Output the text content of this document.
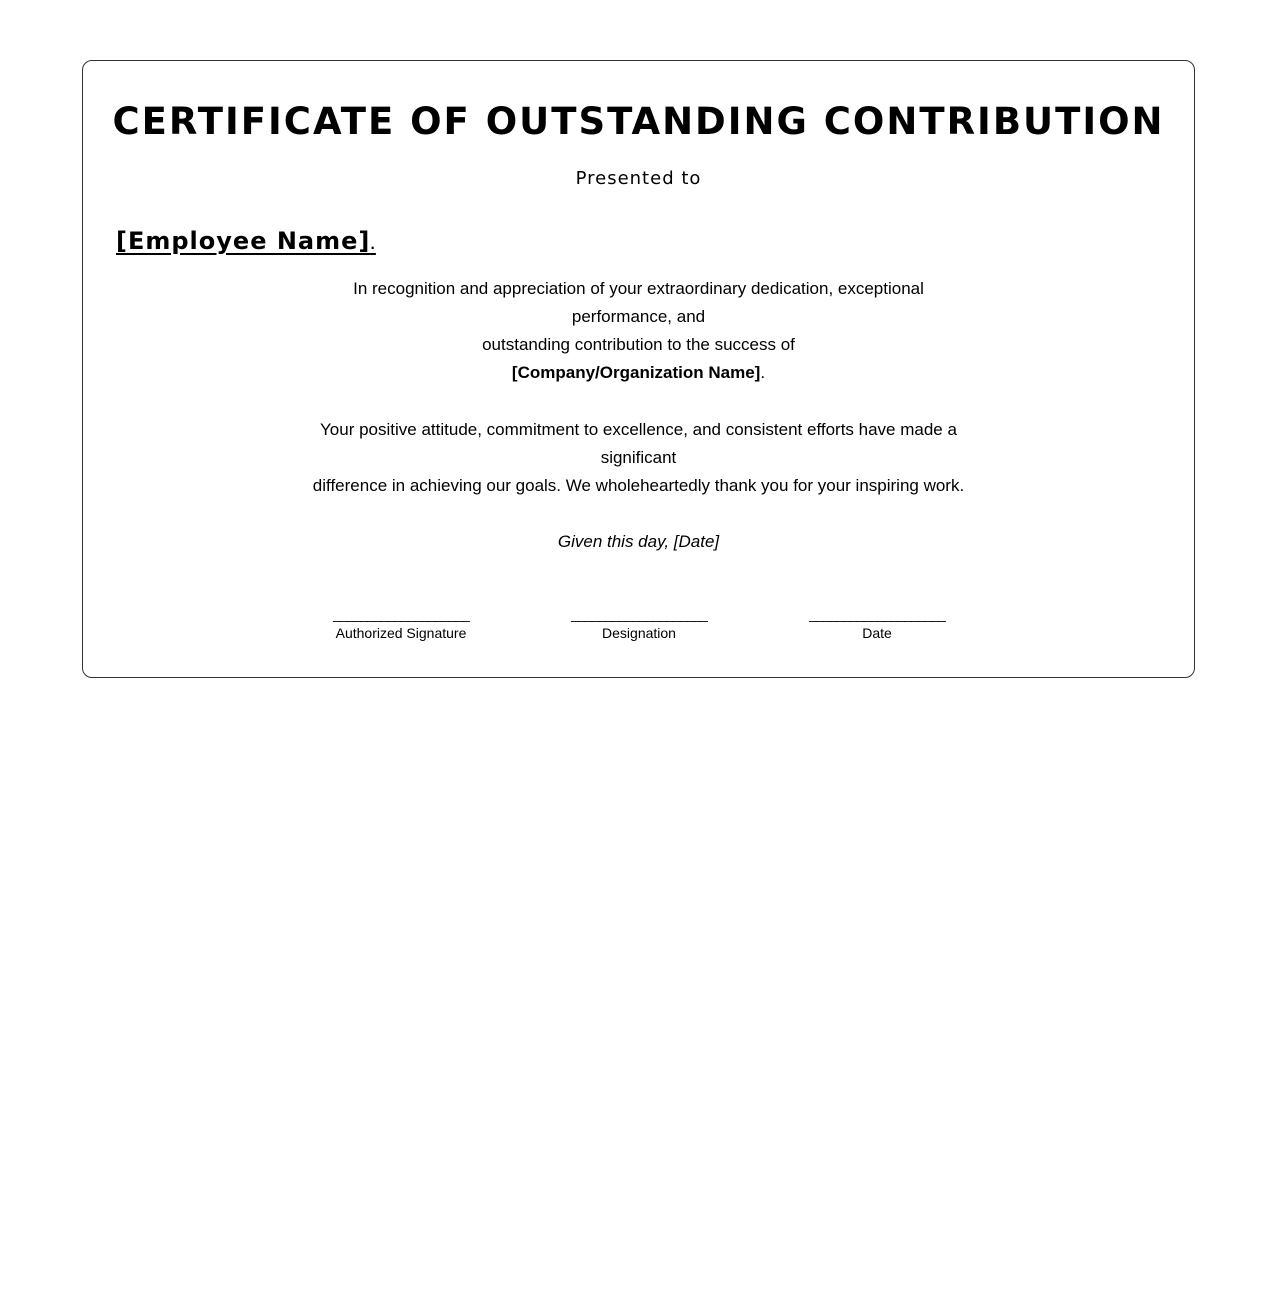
CERTIFICATE OF OUTSTANDING CONTRIBUTION
Presented to
[Employee Name].
In recognition and appreciation of your extraordinary dedication, exceptional
performance, and
outstanding contribution to the success of
[Company/Organization Name].
Your positive attitude, commitment to excellence, and consistent efforts have made a
significant
difference in achieving our goals. We wholeheartedly thank you for your inspiring work.
Given this day, [Date]
____________________
Authorized Signature
____________________
Designation
____________________
Date
